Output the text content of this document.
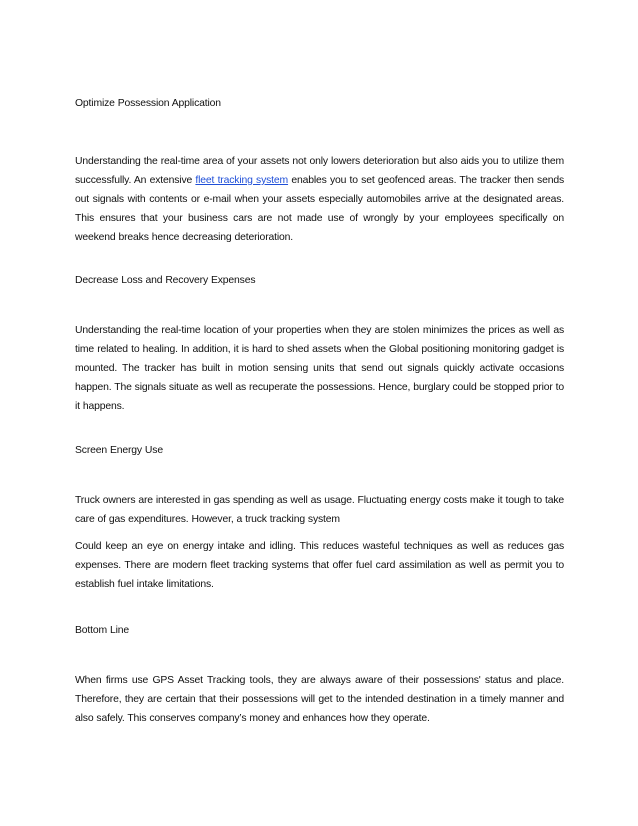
Optimize Possession Application

Understanding the real-time area of your assets not only lowers deterioration but also aids you to utilize them successfully. An extensive fleet tracking system enables you to set geofenced areas. The tracker then sends out signals with contents or e-mail when your assets especially automobiles arrive at the designated areas. This ensures that your business cars are not made use of wrongly by your employees specifically on weekend breaks hence decreasing deterioration.

Decrease Loss and Recovery Expenses

Understanding the real-time location of your properties when they are stolen minimizes the prices as well as time related to healing. In addition, it is hard to shed assets when the Global positioning monitoring gadget is mounted. The tracker has built in motion sensing units that send out signals quickly activate occasions happen. The signals situate as well as recuperate the possessions. Hence, burglary could be stopped prior to it happens.

Screen Energy Use

Truck owners are interested in gas spending as well as usage. Fluctuating energy costs make it tough to take care of gas expenditures. However, a truck tracking system

Could keep an eye on energy intake and idling. This reduces wasteful techniques as well as reduces gas expenses. There are modern fleet tracking systems that offer fuel card assimilation as well as permit you to establish fuel intake limitations.

Bottom Line

When firms use GPS Asset Tracking tools, they are always aware of their possessions' status and place. Therefore, they are certain that their possessions will get to the intended destination in a timely manner and also safely. This conserves company’s money and enhances how they operate.
